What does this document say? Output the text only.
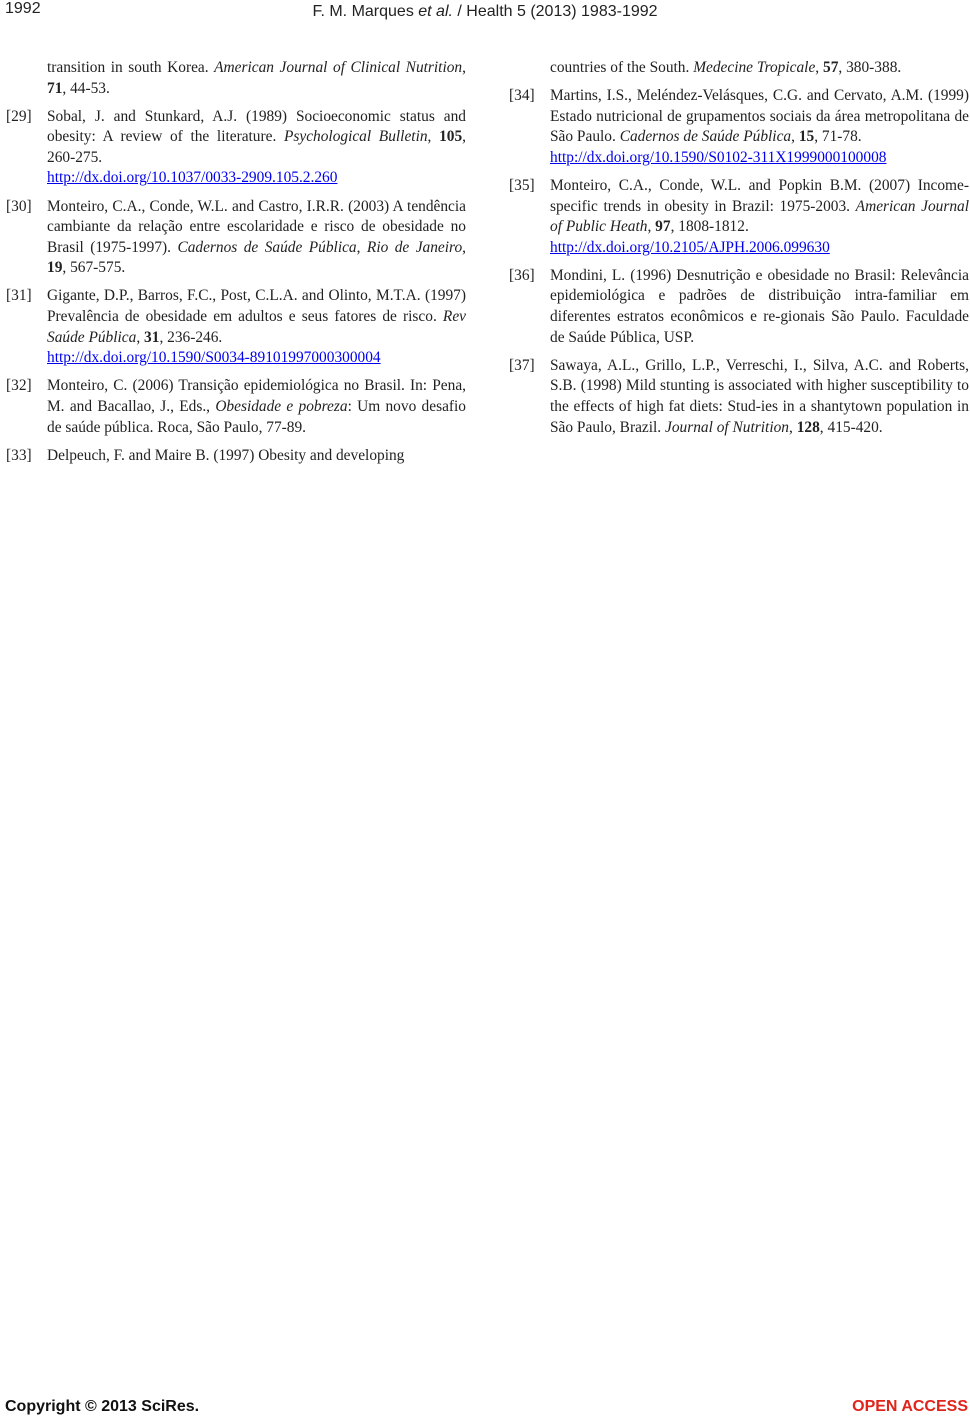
1992	F. M. Marques et al. / Health 5 (2013) 1983-1992
transition in south Korea. American Journal of Clinical Nutrition, 71, 44-53.
[29] Sobal, J. and Stunkard, A.J. (1989) Socioeconomic status and obesity: A review of the literature. Psychological Bulletin, 105, 260-275.
http://dx.doi.org/10.1037/0033-2909.105.2.260
[30] Monteiro, C.A., Conde, W.L. and Castro, I.R.R. (2003) A tendência cambiante da relação entre escolaridade e risco de obesidade no Brasil (1975-1997). Cadernos de Saúde Pública, Rio de Janeiro, 19, 567-575.
[31] Gigante, D.P., Barros, F.C., Post, C.L.A. and Olinto, M.T.A. (1997) Prevalência de obesidade em adultos e seus fatores de risco. Rev Saúde Pública, 31, 236-246.
http://dx.doi.org/10.1590/S0034-89101997000300004
[32] Monteiro, C. (2006) Transição epidemiológica no Brasil. In: Pena, M. and Bacallao, J., Eds., Obesidade e pobreza: Um novo desafio de saúde pública. Roca, São Paulo, 77-89.
[33] Delpeuch, F. and Maire B. (1997) Obesity and developing
countries of the South. Medecine Tropicale, 57, 380-388.
[34] Martins, I.S., Meléndez-Velásques, C.G. and Cervato, A.M. (1999) Estado nutricional de grupamentos sociais da área metropolitana de São Paulo. Cadernos de Saúde Pública, 15, 71-78.
http://dx.doi.org/10.1590/S0102-311X1999000100008
[35] Monteiro, C.A., Conde, W.L. and Popkin B.M. (2007) Income-specific trends in obesity in Brazil: 1975-2003. American Journal of Public Heath, 97, 1808-1812.
http://dx.doi.org/10.2105/AJPH.2006.099630
[36] Mondini, L. (1996) Desnutrição e obesidade no Brasil: Relevância epidemiológica e padrões de distribuição intra-familiar em diferentes estratos econômicos e re-gionais São Paulo. Faculdade de Saúde Pública, USP.
[37] Sawaya, A.L., Grillo, L.P., Verreschi, I., Silva, A.C. and Roberts, S.B. (1998) Mild stunting is associated with higher susceptibility to the effects of high fat diets: Stud-ies in a shantytown population in São Paulo, Brazil. Journal of Nutrition, 128, 415-420.
Copyright © 2013 SciRes.	OPEN ACCESS
